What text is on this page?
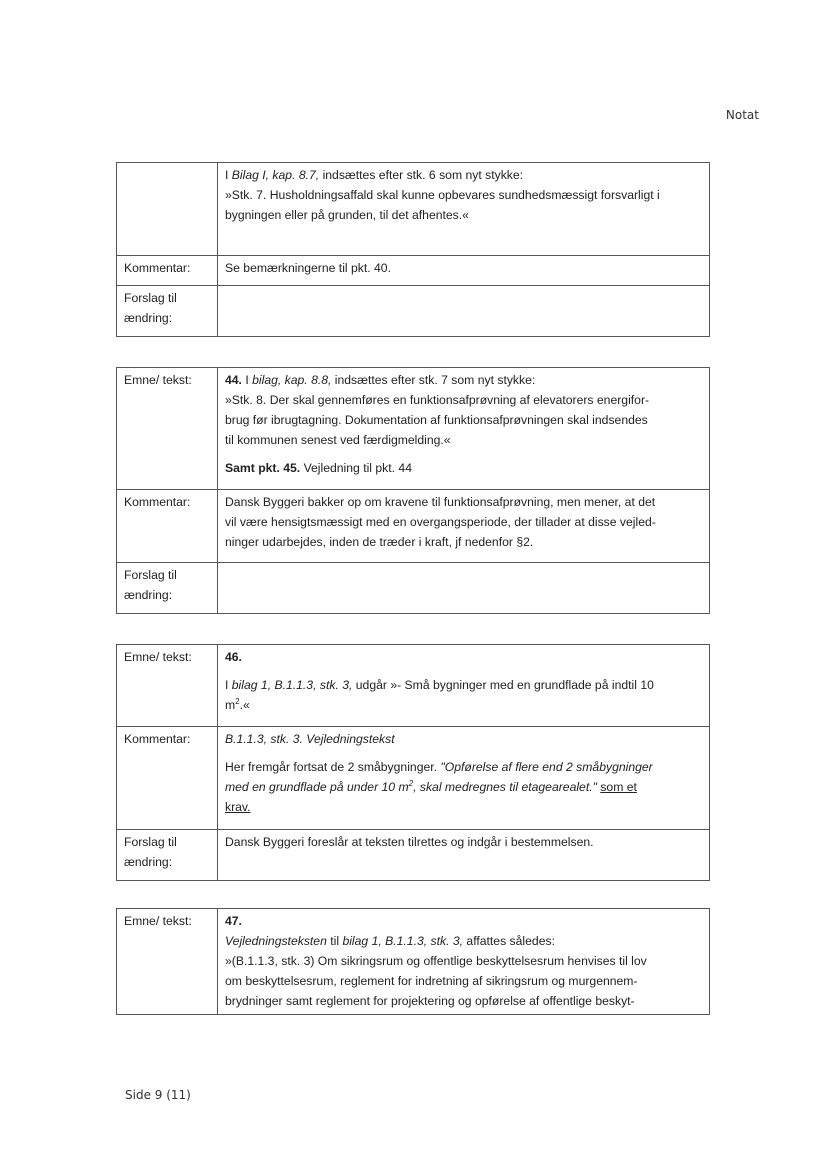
Notat

	I Bilag I, kap. 8.7, indsættes efter stk. 6 som nyt stykke:
»Stk. 7. Husholdningsaffald skal kunne opbevares sundhedsmæssigt forsvarligt i
bygningen eller på grunden, til det afhentes.«

Kommentar:	Se bemærkningerne til pkt. 40.

Forslag til
ændring:	

Emne/ tekst:	44. I bilag, kap. 8.8, indsættes efter stk. 7 som nyt stykke:
»Stk. 8. Der skal gennemføres en funktionsafprøvning af elevatorers energifor-
brug før ibrugtagning. Dokumentation af funktionsafprøvningen skal indsendes
til kommunen senest ved færdigmelding.«
Samt pkt. 45. Vejledning til pkt. 44

Kommentar:	Dansk Byggeri bakker op om kravene til funktionsafprøvning, men mener, at det
vil være hensigtsmæssigt med en overgangsperiode, der tillader at disse vejled-
ninger udarbejdes, inden de træder i kraft, jf nedenfor §2.

Forslag til
ændring:	

Emne/ tekst:	46.
I bilag 1, B.1.1.3, stk. 3, udgår »- Små bygninger med en grundflade på indtil 10
$m^2.«$

Kommentar:	B.1.1.3, stk. 3. Vejledningstekst
Her fremgår fortsat de 2 småbygninger. "Opførelse af flere end 2 småbygninger
med en grundflade på under 10 $m^2$, skal medregnes til etagearealet." som et
krav.

Forslag til
ændring:	Dansk Byggeri foreslår at teksten tilrettes og indgår i bestemmelsen.
Emne/ tekst:	47.
Vejledningsteksten til bilag 1, B.1.1.3, stk. 3, affattes således:
»(B.1.1.3, stk. 3) Om sikringsrum og offentlige beskyttelsesrum henvises til lov
om beskyttelsesrum, reglement for indretning af sikringsrum og murgennem-
brydninger samt reglement for projektering og opførelse af offentlige beskyt-
Side 9 (11)
